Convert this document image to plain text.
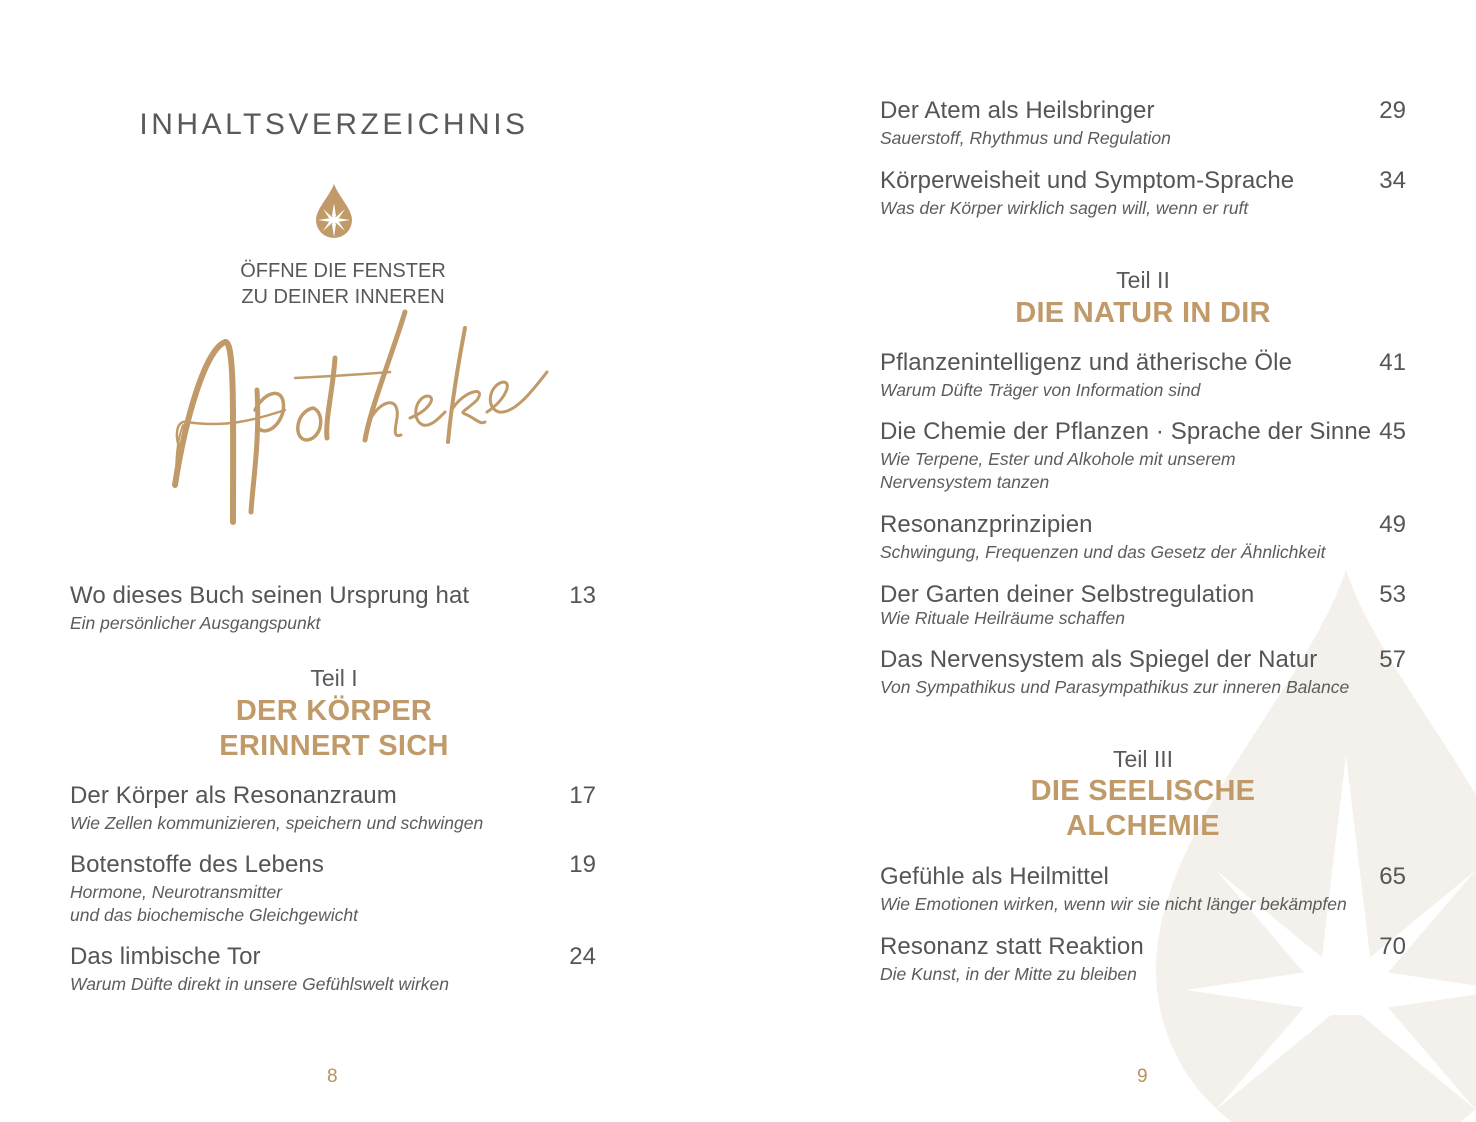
INHALTSVERZEICHNIS
ÖFFNE DIE FENSTER
ZU DEINER INNEREN
Wo dieses Buch seinen Ursprung hat	13
Ein persönlicher Ausgangspunkt
Teil I
DER KÖRPER
ERINNERT SICH
Der Körper als Resonanzraum	17
Wie Zellen kommunizieren, speichern und schwingen
Botenstoffe des Lebens	19
Hormone, Neurotransmitter
und das biochemische Gleichgewicht
Das limbische Tor	24
Warum Düfte direkt in unsere Gefühlswelt wirken
8
Der Atem als Heilsbringer	29
Sauerstoff, Rhythmus und Regulation
Körperweisheit und Symptom-Sprache	34
Was der Körper wirklich sagen will, wenn er ruft
Teil II
DIE NATUR IN DIR
Pflanzenintelligenz und ätherische Öle	41
Warum Düfte Träger von Information sind
Die Chemie der Pflanzen · Sprache der Sinne 45
Wie Terpene, Ester und Alkohole mit unserem
Nervensystem tanzen
Resonanzprinzipien	49
Schwingung, Frequenzen und das Gesetz der Ähnlichkeit
Der Garten deiner Selbstregulation	53
Wie Rituale Heilräume schaffen
Das Nervensystem als Spiegel der Natur	57
Von Sympathikus und Parasympathikus zur inneren Balance
Teil III
DIE SEELISCHE
ALCHEMIE
Gefühle als Heilmittel	65
Wie Emotionen wirken, wenn wir sie nicht länger bekämpfen
Resonanz statt Reaktion	70
Die Kunst, in der Mitte zu bleiben
9
